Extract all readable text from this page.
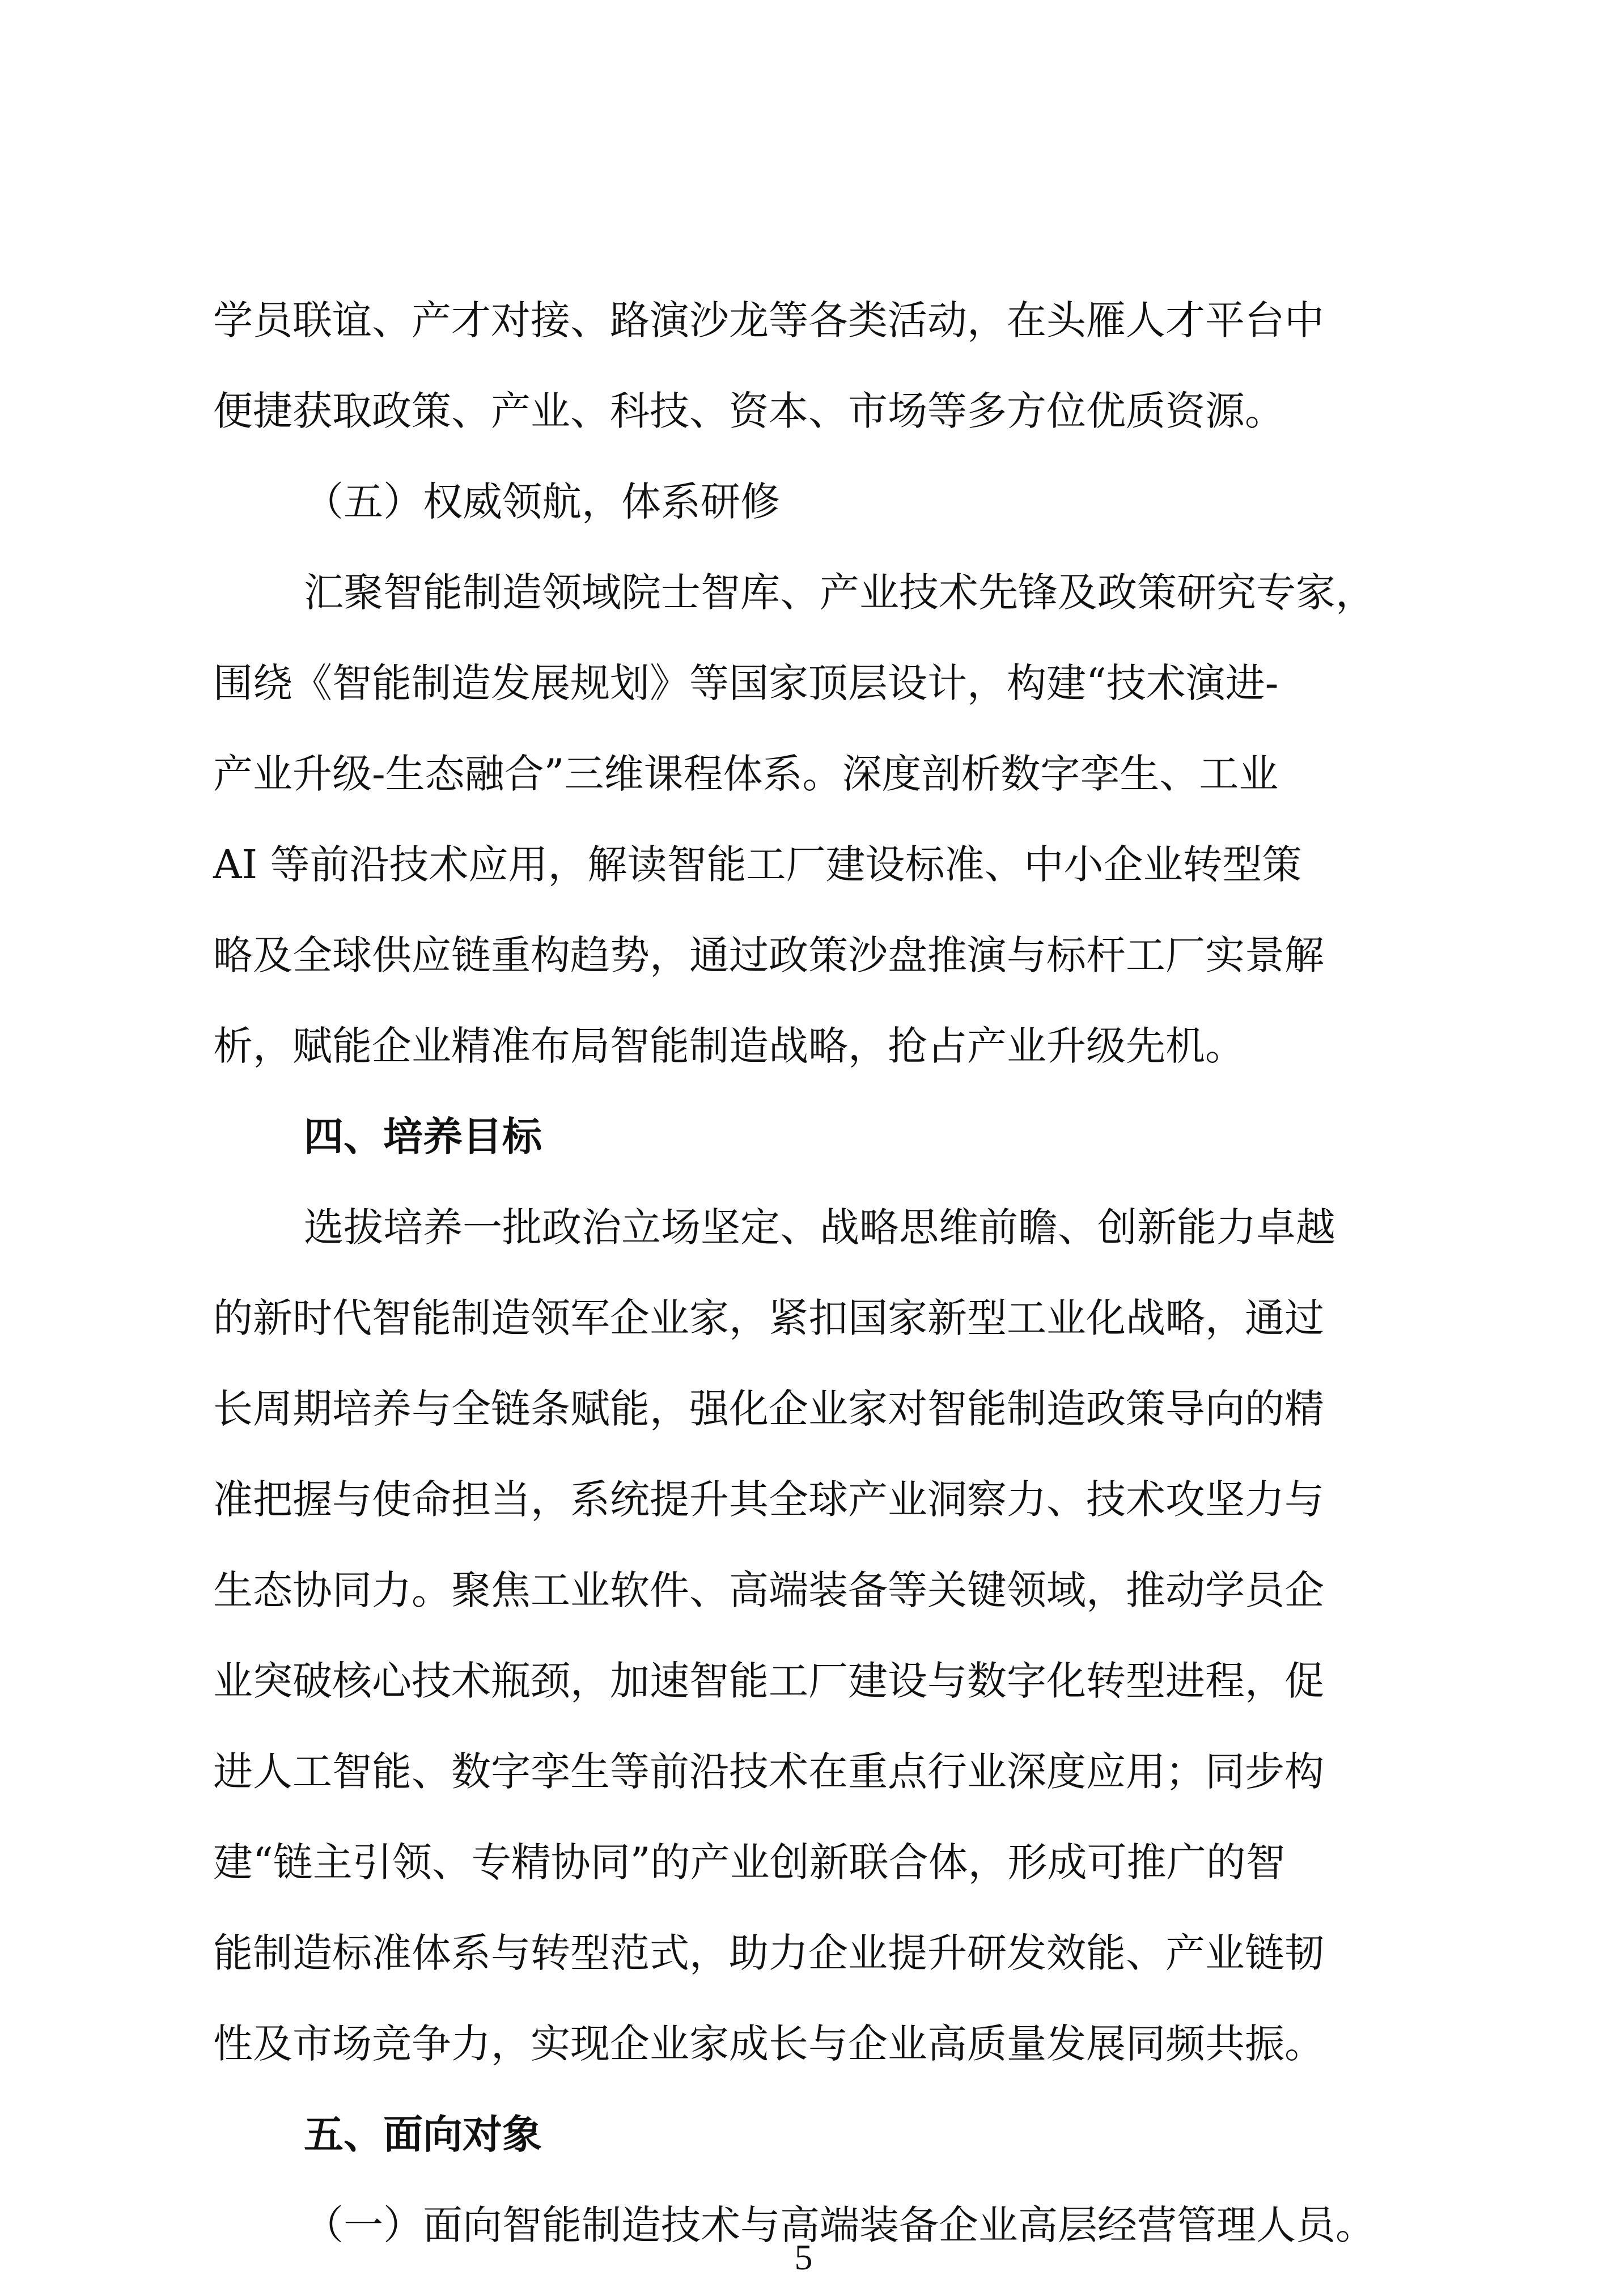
学员联谊、产才对接、路演沙龙等各类活动，在头雁人才平台中

便捷获取政策、产业、科技、资本、市场等多方位优质资源。

（五）权威领航，体系研修

汇聚智能制造领域院士智库、产业技术先锋及政策研究专家，

围绕《智能制造发展规划》等国家顶层设计，构建“技术演进-

产业升级-生态融合”三维课程体系。深度剖析数字孪生、工业

AI 等前沿技术应用，解读智能工厂建设标准、中小企业转型策

略及全球供应链重构趋势，通过政策沙盘推演与标杆工厂实景解

析，赋能企业精准布局智能制造战略，抢占产业升级先机。

四、培养目标

选拔培养一批政治立场坚定、战略思维前瞻、创新能力卓越

的新时代智能制造领军企业家，紧扣国家新型工业化战略，通过

长周期培养与全链条赋能，强化企业家对智能制造政策导向的精

准把握与使命担当，系统提升其全球产业洞察力、技术攻坚力与

生态协同力。聚焦工业软件、高端装备等关键领域，推动学员企

业突破核心技术瓶颈，加速智能工厂建设与数字化转型进程，促

进人工智能、数字孪生等前沿技术在重点行业深度应用；同步构

建“链主引领、专精协同”的产业创新联合体，形成可推广的智

能制造标准体系与转型范式，助力企业提升研发效能、产业链韧

性及市场竞争力，实现企业家成长与企业高质量发展同频共振。

五、面向对象

（一）面向智能制造技术与高端装备企业高层经营管理人员。

5
